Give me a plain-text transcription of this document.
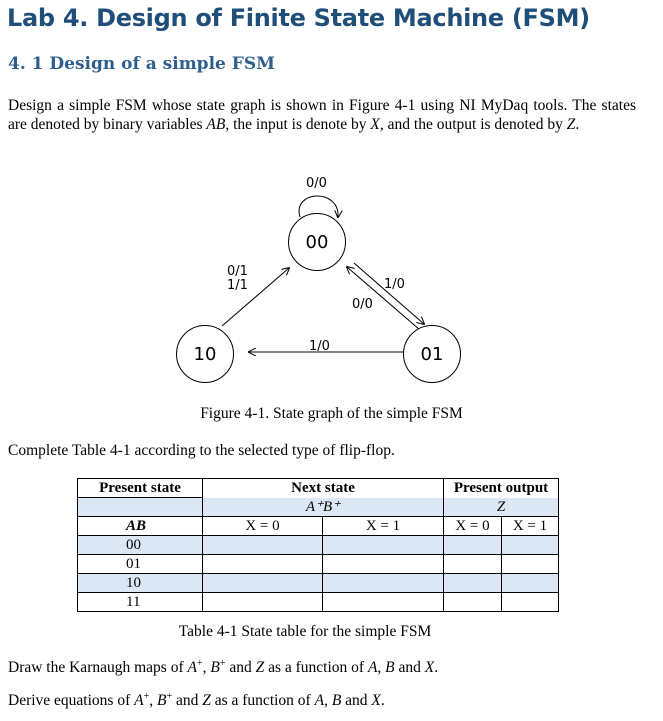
Lab 4. Design of Finite State Machine (FSM)
4. 1 Design of a simple FSM
Design a simple FSM whose state graph is shown in Figure 4-1 using NI MyDaq tools. The states are denoted by binary variables AB, the input is denote by X, and the output is denoted by Z.
00
01
10
0/0
0/1
1/1	1/0
0/0
1/0
Figure 4-1. State graph of the simple FSM
Complete Table 4-1 according to the selected type of flip-flop.
Present state	Next state		Present output	
	A⁺B⁺		Z	
AB	X = 0	X = 1	X = 0	X = 1
00				
01				
10				
11				
Table 4-1 State table for the simple FSM
Draw the Karnaugh maps of A+, B+ and Z as a function of A, B and X.
Derive equations of A+, B+ and Z as a function of A, B and X.
